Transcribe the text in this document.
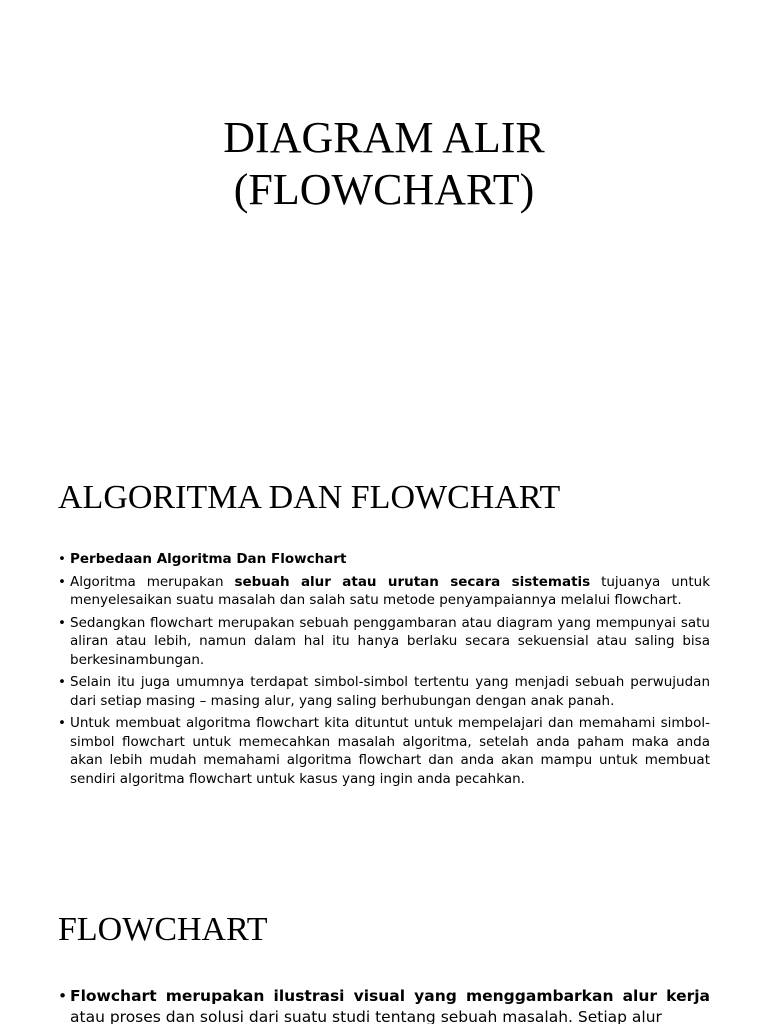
DIAGRAM ALIR
(FLOWCHART)
ALGORITMA DAN FLOWCHART
• Perbedaan Algoritma Dan Flowchart
• Algoritma merupakan sebuah alur atau urutan secara sistematis tujuanya untuk menyelesaikan suatu masalah dan salah satu metode penyampaiannya melalui flowchart.
• Sedangkan flowchart merupakan sebuah penggambaran atau diagram yang mempunyai satu aliran atau lebih, namun dalam hal itu hanya berlaku secara sekuensial atau saling bisa berkesinambungan.
• Selain itu juga umumnya terdapat simbol-simbol tertentu yang menjadi sebuah perwujudan dari setiap masing – masing alur, yang saling berhubungan dengan anak panah.
• Untuk membuat algoritma flowchart kita dituntut untuk mempelajari dan memahami simbol-simbol flowchart untuk memecahkan masalah algoritma, setelah anda paham maka anda akan lebih mudah memahami algoritma flowchart dan anda akan mampu untuk membuat sendiri algoritma flowchart untuk kasus yang ingin anda pecahkan.
FLOWCHART
• Flowchart merupakan ilustrasi visual yang menggambarkan alur kerja atau proses dan solusi dari suatu studi tentang sebuah masalah. Setiap alur
